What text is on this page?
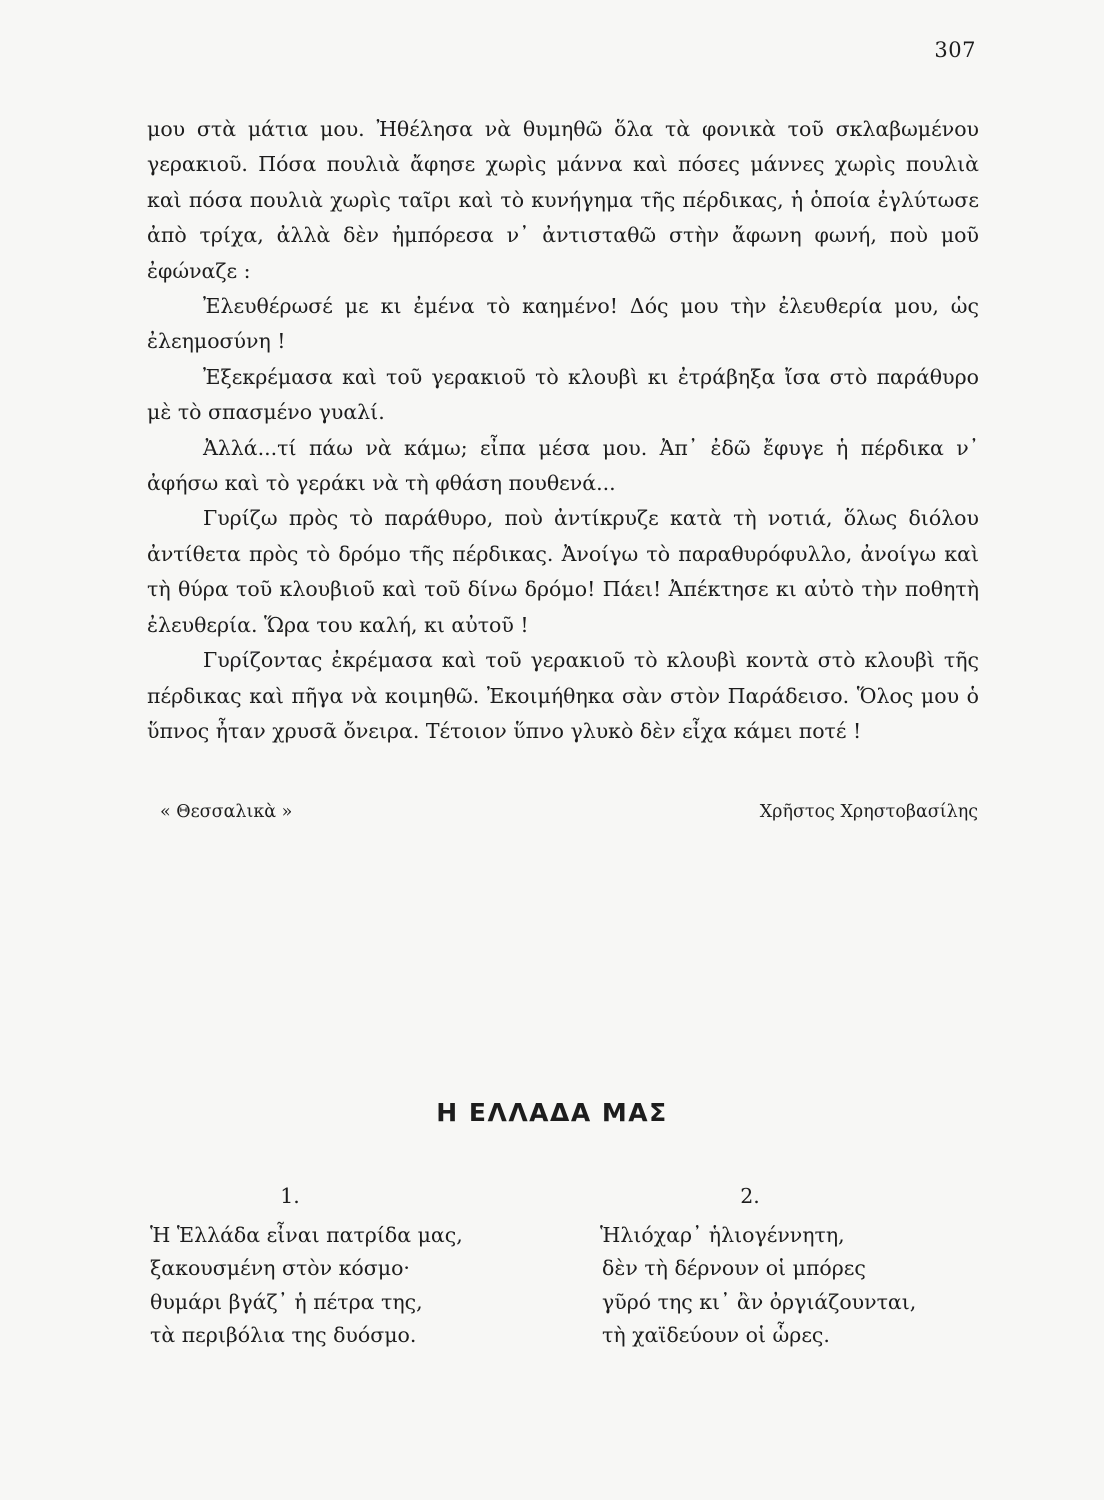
307

μου στὰ μάτια μου. Ἠθέλησα νὰ θυμηθῶ ὅλα τὰ φονικὰ τοῦ σκλαβωμένου γερακιοῦ. Πόσα πουλιὰ ἄφησε χωρὶς μάννα καὶ πόσες μάννες χωρὶς πουλιὰ καὶ πόσα πουλιὰ χωρὶς ταῖρι καὶ τὸ κυνήγημα τῆς πέρδικας, ἡ ὁποία ἐγλύτωσε ἀπὸ τρίχα, ἀλλὰ δὲν ἠμπόρεσα ν᾽ ἀντισταθῶ στὴν ἄφωνη φωνή, ποὺ μοῦ ἐφώναζε :

Ἐλευθέρωσέ με κι ἐμένα τὸ καημένο! Δός μου τὴν ἐλευθερία μου, ὡς ἐλεημοσύνη !

Ἐξεκρέμασα καὶ τοῦ γερακιοῦ τὸ κλουβὶ κι ἐτράβηξα ἴσα στὸ παράθυρο μὲ τὸ σπασμένο γυαλί.

Ἀλλά...τί πάω νὰ κάμω; εἶπα μέσα μου. Ἀπ᾽ ἐδῶ ἔφυγε ἡ πέρδικα ν᾽ ἀφήσω καὶ τὸ γεράκι νὰ τὴ φθάση πουθενά...

Γυρίζω πρὸς τὸ παράθυρο, ποὺ ἀντίκρυζε κατὰ τὴ νοτιά, ὅλως διόλου ἀντίθετα πρὸς τὸ δρόμο τῆς πέρδικας. Ἀνοίγω τὸ παραθυρόφυλλο, ἀνοίγω καὶ τὴ θύρα τοῦ κλουβιοῦ καὶ τοῦ δίνω δρόμο! Πάει! Ἀπέκτησε κι αὐτὸ τὴν ποθητὴ ἐλευθερία. Ὥρα του καλή, κι αὐτοῦ !

Γυρίζοντας ἐκρέμασα καὶ τοῦ γερακιοῦ τὸ κλουβὶ κοντὰ στὸ κλουβὶ τῆς πέρδικας καὶ πῆγα νὰ κοιμηθῶ. Ἐκοιμήθηκα σὰν στὸν Παράδεισο. Ὅλος μου ὁ ὕπνος ἦταν χρυσᾶ ὄνειρα. Τέτοιον ὕπνο γλυκὸ δὲν εἶχα κάμει ποτέ !

« Θεσσαλικὰ »	Χρῆστος Χρηστοβασίλης
Η ΕΛΛΑΔΑ ΜΑΣ
1.
Ἡ Ἑλλάδα εἶναι πατρίδα μας,
ξακουσμένη στὸν κόσμο·
θυμάρι βγάζ᾽ ἡ πέτρα της,
τὰ περιβόλια της δυόσμο.
2.
Ἡλιόχαρ᾽ ἡλιογέννητη,
δὲν τὴ δέρνουν οἱ μπόρες
γῦρό της κι᾽ ἂν ὀργιάζουνται,
τὴ χαϊδεύουν οἱ ὧρες.
